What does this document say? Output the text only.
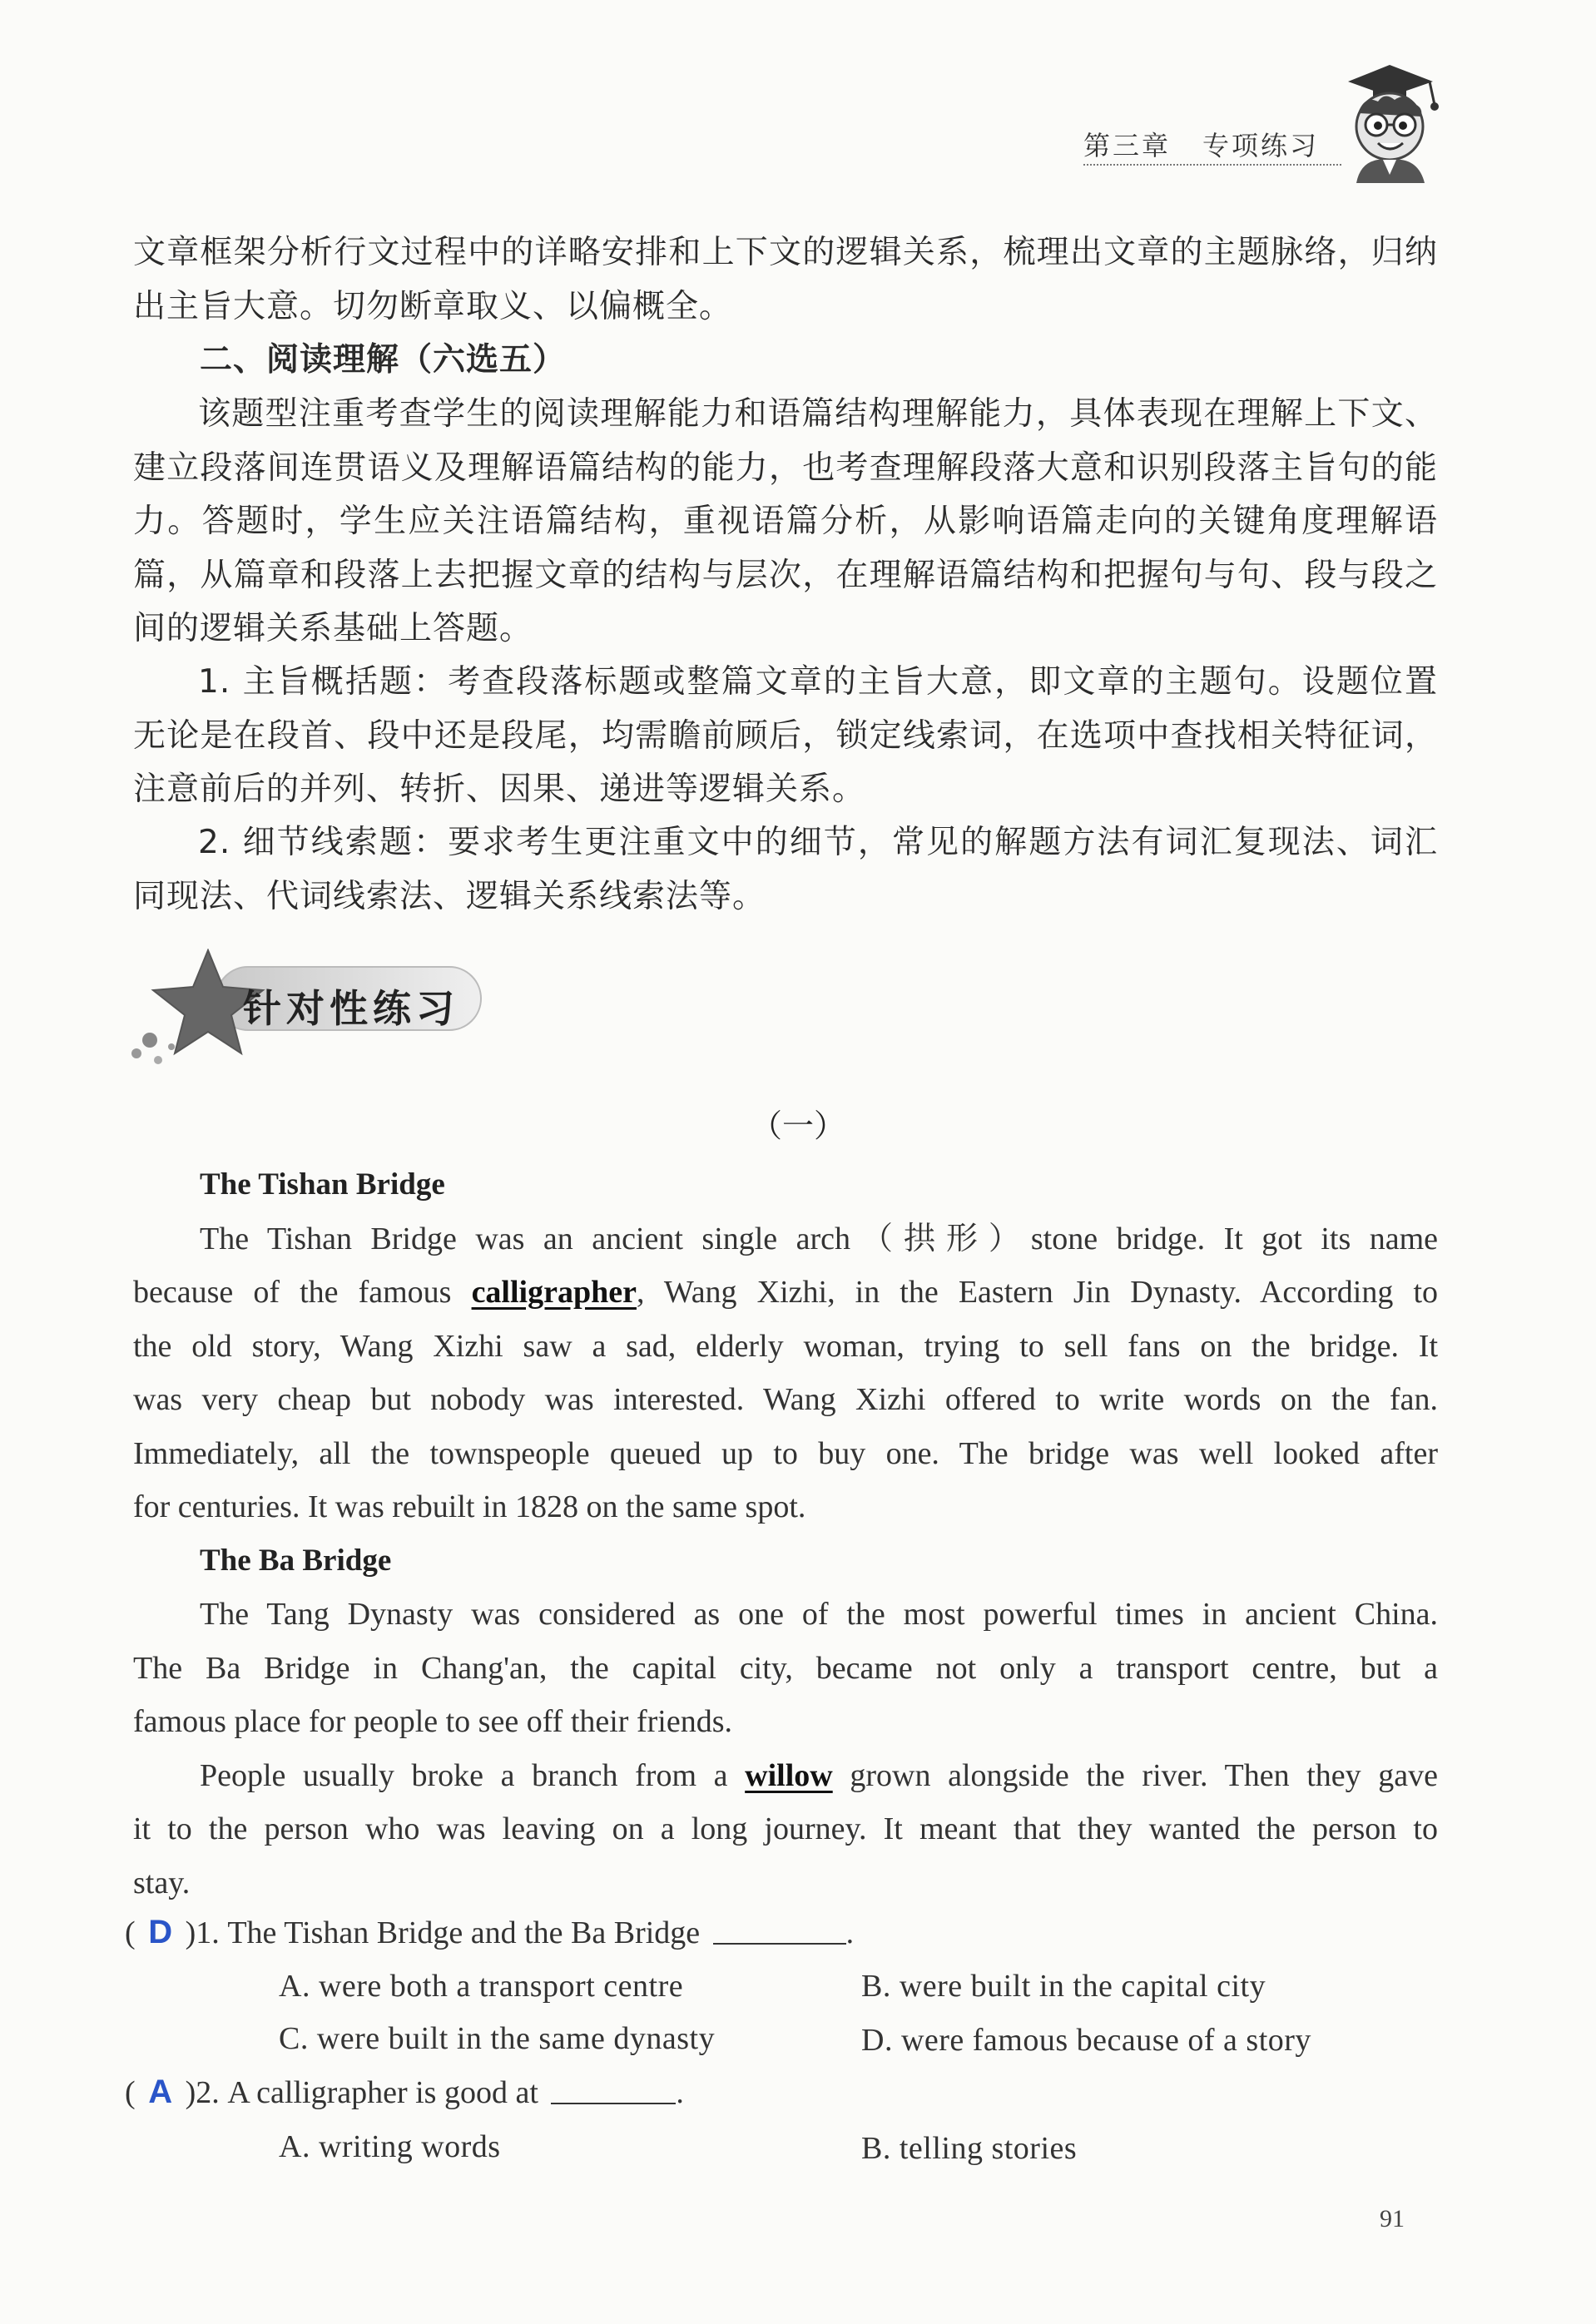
第三章 专项练习
文章框架分析行文过程中的详略安排和上下文的逻辑关系，梳理出文章的主题脉络，归纳
出主旨大意。切勿断章取义、以偏概全。
二、阅读理解（六选五）
该题型注重考查学生的阅读理解能力和语篇结构理解能力，具体表现在理解上下文、
建立段落间连贯语义及理解语篇结构的能力，也考查理解段落大意和识别段落主旨句的能
力。答题时，学生应关注语篇结构，重视语篇分析，从影响语篇走向的关键角度理解语
篇，从篇章和段落上去把握文章的结构与层次，在理解语篇结构和把握句与句、段与段之
间的逻辑关系基础上答题。
1. 主旨概括题：考查段落标题或整篇文章的主旨大意，即文章的主题句。设题位置
无论是在段首、段中还是段尾，均需瞻前顾后，锁定线索词，在选项中查找相关特征词，
注意前后的并列、转折、因果、递进等逻辑关系。
2. 细节线索题：要求考生更注重文中的细节，常见的解题方法有词汇复现法、词汇
同现法、代词线索法、逻辑关系线索法等。
针对性练习
（一）
The Tishan Bridge
The Tishan Bridge was an ancient single arch（拱形）stone bridge. It got its name
because of the famous calligrapher, Wang Xizhi, in the Eastern Jin Dynasty. According to
the old story, Wang Xizhi saw a sad, elderly woman, trying to sell fans on the bridge. It
was very cheap but nobody was interested. Wang Xizhi offered to write words on the fan.
Immediately, all the townspeople queued up to buy one. The bridge was well looked after
for centuries. It was rebuilt in 1828 on the same spot.
The Ba Bridge
The Tang Dynasty was considered as one of the most powerful times in ancient China.
The Ba Bridge in Chang'an, the capital city, became not only a transport centre, but a
famous place for people to see off their friends.
People usually broke a branch from a willow grown alongside the river. Then they gave
it to the person who was leaving on a long journey. It meant that they wanted the person to
stay.
( D )1. The Tishan Bridge and the Ba Bridge	.
A. were both a transport centre	B. were built in the capital city
C. were built in the same dynasty	D. were famous because of a story
( A )2. A calligrapher is good at	.
A. writing words	B. telling stories
91
